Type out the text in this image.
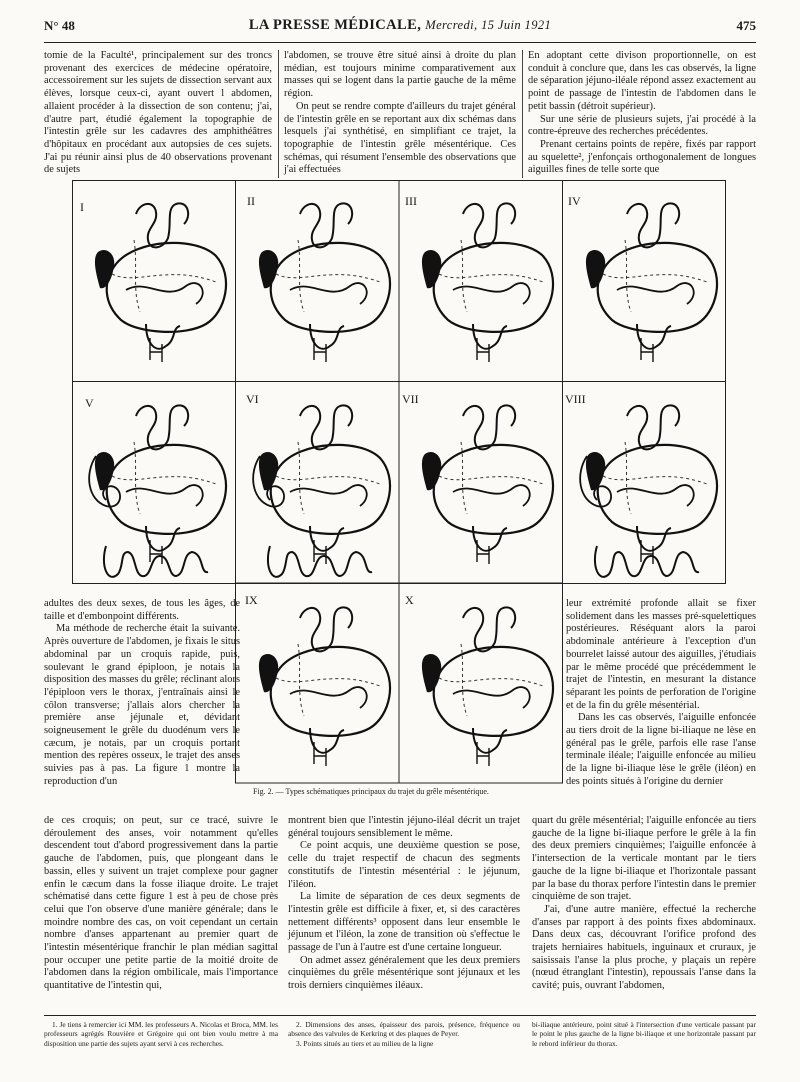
N° 48	LA PRESSE MÉDICALE, Mercredi, 15 Juin 1921	475

tomie de la Faculté¹, principalement sur des troncs provenant des exercices de médecine opératoire, accessoirement sur les sujets de dissection servant aux élèves, lorsque ceux-ci, ayant ouvert l abdomen, allaient procéder à la dissection de son contenu; j'ai, d'autre part, étudié également la topographie de l'intestin grêle sur les cadavres des amphithéâtres d'hôpitaux en procédant aux autopsies de ces sujets. J'ai pu réunir ainsi plus de 40 observations provenant de sujets

l'abdomen, se trouve être situé ainsi à droite du plan médian, est toujours minime comparativement aux masses qui se logent dans la partie gauche de la même région.

On peut se rendre compte d'ailleurs du trajet général de l'intestin grêle en se reportant aux dix schémas dans lesquels j'ai synthétisé, en simplifiant ce trajet, la topographie de l'intestin grêle mésentérique. Ces schémas, qui résument l'ensemble des observations que j'ai effectuées

En adoptant cette divison proportionnelle, on est conduit à conclure que, dans les cas observés, la ligne de séparation jéjuno-iléale répond assez exactement au point de passage de l'intestin de l'abdomen dans le petit bassin (détroit supérieur).

Sur une série de plusieurs sujets, j'ai procédé à la contre-épreuve des recherches précédentes.

Prenant certains points de repère, fixés par rapport au squelette², j'enfonçais orthogonalement de longues aiguilles fines de telle sorte que

I	II	III	IV
V	VI	VII	VIII
IX	X
Fig. 2. — Types schématiques principaux du trajet du grêle mésentérique.

adultes des deux sexes, de tous les âges, de taille et d'embonpoint différents.

Ma méthode de recherche était la suivante. Après ouverture de l'abdomen, je fixais le situs abdominal par un croquis rapide, puis, soulevant le grand épiploon, je notais la disposition des masses du grêle; réclinant alors l'épiploon vers le thorax, j'entraînais ainsi le côlon transverse; j'allais alors chercher la première anse jéjunale et, dévidant soigneusement le grêle du duodénum vers le cæcum, je notais, par un croquis portant mention des repères osseux, le trajet des anses suivies pas à pas. La figure 1 montre la reproduction d'un

leur extrémité profonde allait se fixer solidement dans les masses pré-squelettiques postérieures. Réséquant alors la paroi abdominale antérieure à l'exception d'un bourrelet laissé autour des aiguilles, j'étudiais par le même procédé que précédemment le trajet de l'intestin, en mesurant la distance séparant les points de perforation de l'origine et de la fin du grêle mésentérial.

Dans les cas observés, l'aiguille enfoncée au tiers droit de la ligne bi-iliaque ne lèse en général pas le grêle, parfois elle rase l'anse terminale iléale; l'aiguille enfoncée au milieu de la ligne bi-iliaque lèse le grêle (iléon) en des points situés à l'origine du dernier

de ces croquis; on peut, sur ce tracé, suivre le déroulement des anses, voir notamment qu'elles descendent tout d'abord progressivement dans la partie gauche de l'abdomen, puis, que plongeant dans le bassin, elles y suivent un trajet complexe pour gagner enfin le cæcum dans la fosse iliaque droite. Le trajet schématisé dans cette figure 1 est à peu de chose près celui que l'on observe d'une manière générale; dans le moindre nombre des cas, on voit cependant un certain nombre d'anses appartenant au premier quart de l'intestin mésentérique franchir le plan médian sagittal pour occuper une petite partie de la moitié droite de l'abdomen dans la région ombilicale, mais l'importance quantitative de l'intestin qui,

montrent bien que l'intestin jéjuno-iléal décrit un trajet général toujours sensiblement le même.

Ce point acquis, une deuxième question se pose, celle du trajet respectif de chacun des segments constitutifs de l'intestin mésentérial : le jéjunum, l'iléon.

La limite de séparation de ces deux segments de l'intestin grêle est difficile à fixer, et, si des caractères nettement différents³ opposent dans leur ensemble le jéjunum et l'iléon, la zone de transition où s'effectue le passage de l'un à l'autre est d'une certaine longueur.

On admet assez généralement que les deux premiers cinquièmes du grêle mésentérique sont jéjunaux et les trois derniers cinquièmes iléaux.

quart du grêle mésentérial; l'aiguille enfoncée au tiers gauche de la ligne bi-iliaque perfore le grêle à la fin des deux premiers cinquièmes; l'aiguille enfoncée à l'intersection de la verticale montant par le tiers gauche de la ligne bi-iliaque et l'horizontale passant par la base du thorax perfore l'intestin dans le premier cinquième de son trajet.

J'ai, d'une autre manière, effectué la recherche d'anses par rapport à des points fixes abdominaux. Dans deux cas, découvrant l'orifice profond des trajets herniaires habituels, inguinaux et cruraux, je saisissais l'anse la plus proche, y plaçais un repère (nœud étranglant l'intestin), repoussais l'anse dans la cavité; puis, ouvrant l'abdomen,

1. Je tiens à remercier ici MM. les professeurs A. Nicolas et Broca, MM. les professeurs agrégés Rouvière et Grégoire qui ont bien voulu mettre à ma disposition une partie des sujets ayant servi à ces recherches.

2. Dimensions des anses, épaisseur des parois, présence, fréquence ou absence des valvules de Kerkring et des plaques de Peyer.

3. Points situés au tiers et au milieu de la ligne

bi-iliaque antérieure, point situé à l'intersection d'une verticale passant par le point le plus gauche de la ligne bi-iliaque et une horizontale passant par le rebord inférieur du thorax.
